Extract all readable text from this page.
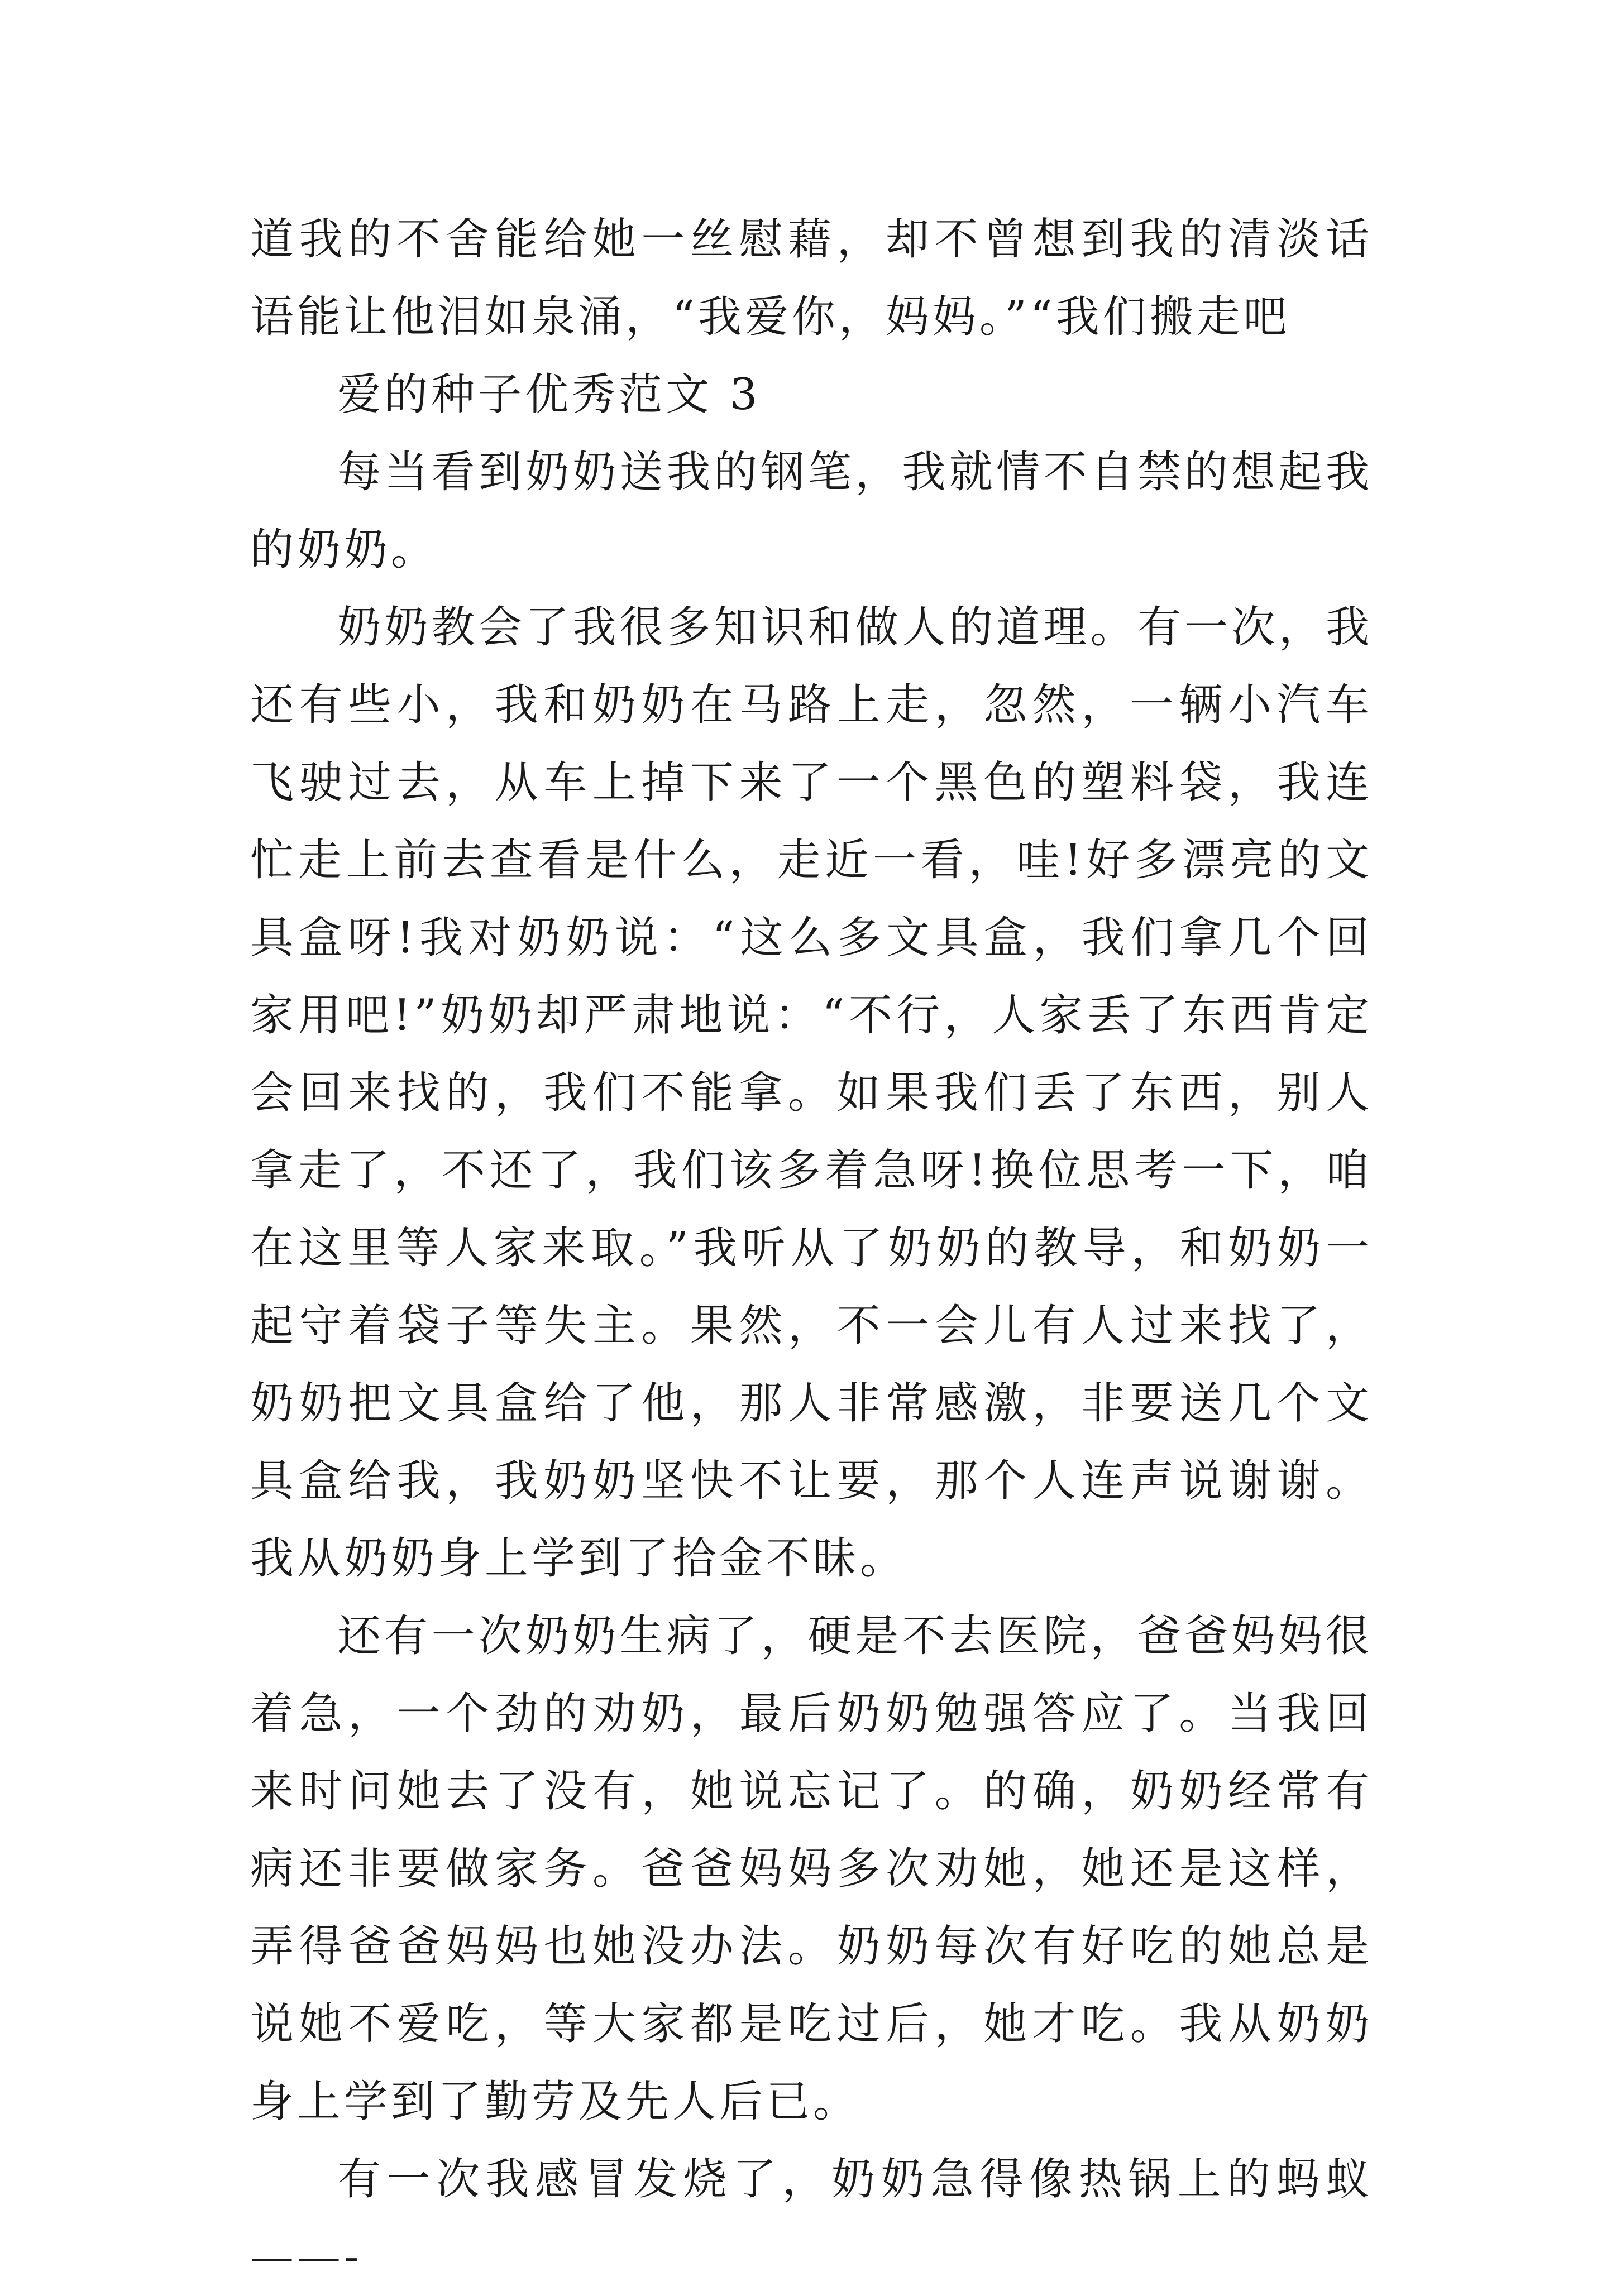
道我的不舍能给她一丝慰藉，却不曾想到我的清淡话语能让他泪如泉涌，“我爱你，妈妈。”“我们搬走吧

爱的种子优秀范文 3

每当看到奶奶送我的钢笔，我就情不自禁的想起我的奶奶。

奶奶教会了我很多知识和做人的道理。有一次，我还有些小，我和奶奶在马路上走，忽然，一辆小汽车飞驶过去，从车上掉下来了一个黑色的塑料袋，我连忙走上前去查看是什么，走近一看，哇!好多漂亮的文具盒呀!我对奶奶说：“这么多文具盒，我们拿几个回家用吧!”奶奶却严肃地说：“不行，人家丢了东西肯定会回来找的，我们不能拿。如果我们丢了东西，别人拿走了，不还了，我们该多着急呀!换位思考一下，咱在这里等人家来取。”我听从了奶奶的教导，和奶奶一起守着袋子等失主。果然，不一会儿有人过来找了，奶奶把文具盒给了他，那人非常感激，非要送几个文具盒给我，我奶奶坚快不让要，那个人连声说谢谢。我从奶奶身上学到了拾金不昧。

还有一次奶奶生病了，硬是不去医院，爸爸妈妈很着急，一个劲的劝奶，最后奶奶勉强答应了。当我回来时问她去了没有，她说忘记了。的确，奶奶经常有病还非要做家务。爸爸妈妈多次劝她，她还是这样，弄得爸爸妈妈也她没办法。奶奶每次有好吃的她总是说她不爱吃，等大家都是吃过后，她才吃。我从奶奶身上学到了勤劳及先人后已。

有一次我感冒发烧了，奶奶急得像热锅上的蚂蚁——-
